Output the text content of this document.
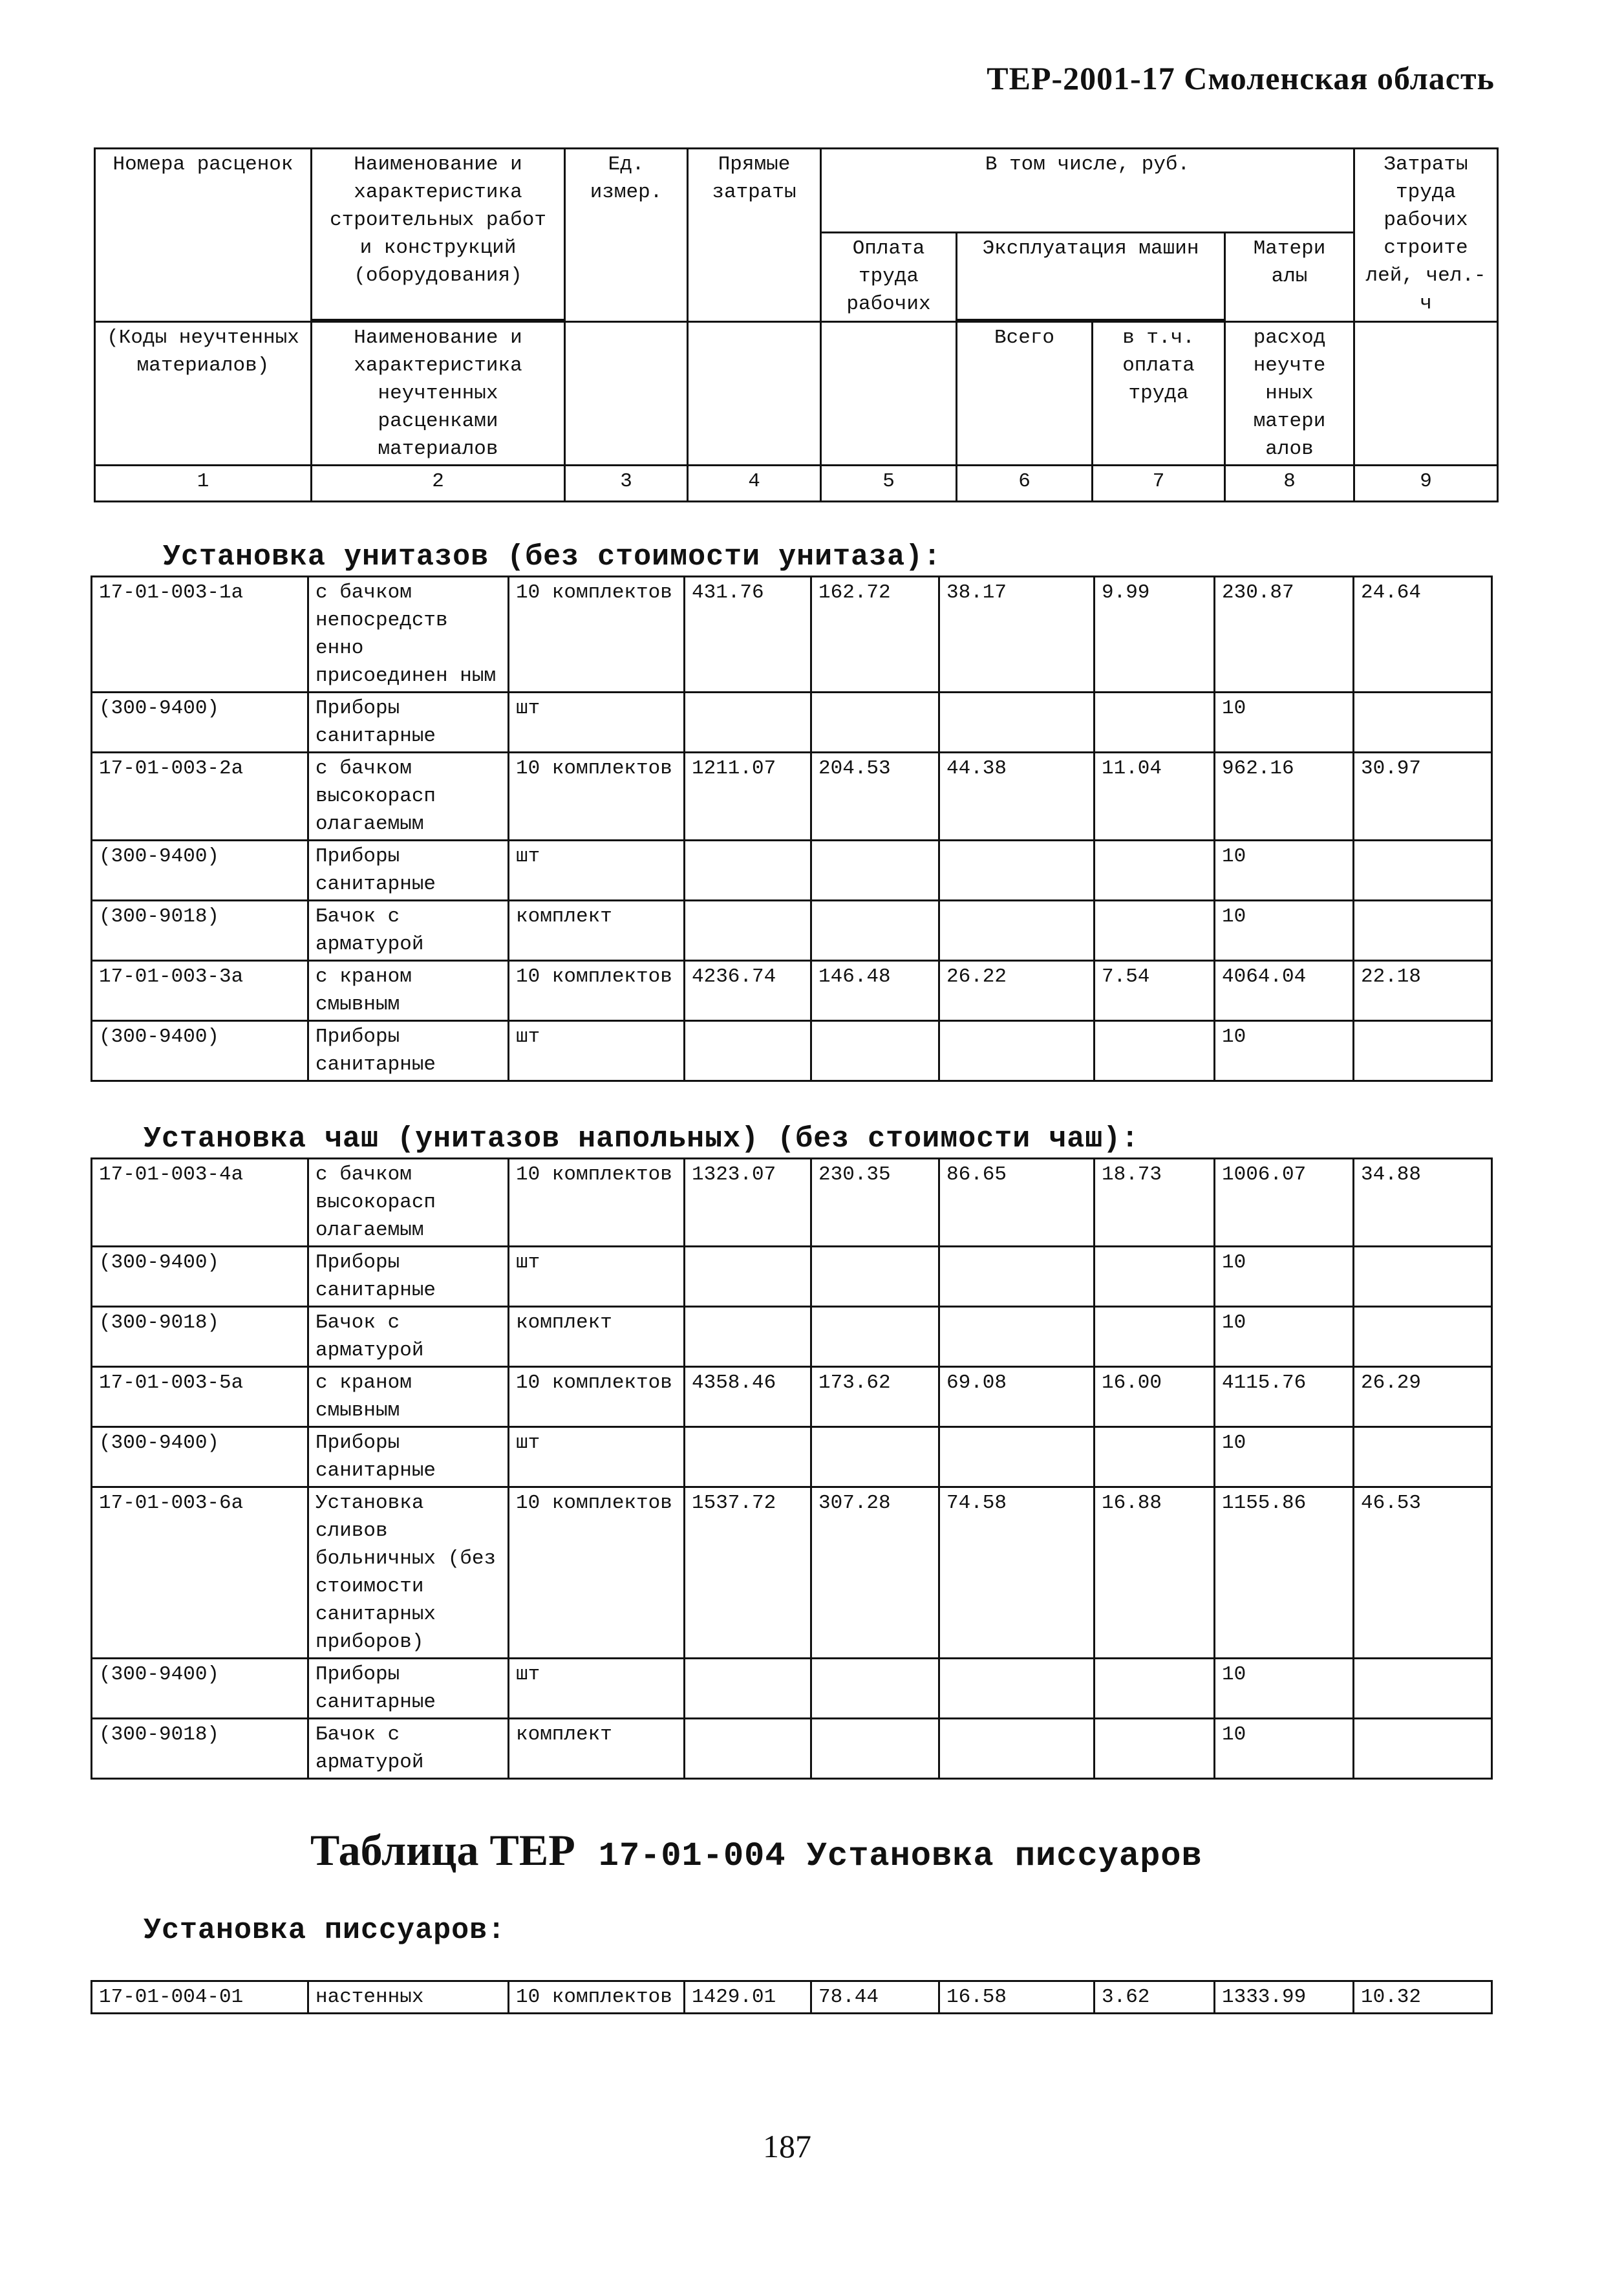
ТЕР-2001-17 Смоленская область
Номера расценок	Наименование и характеристика строительных работ и конструкций (оборудования)	Ед. измер.	Прямые затраты	В том числе, руб.				Затраты труда рабочих строите лей, чел.-ч
				Оплата труда рабочих	Эксплуатация машин		Матери алы	

(Коды неучтенных материалов)	Наименование и характеристика неучтенных расценками материалов				Всего	в т.ч. оплата труда	расход неучте нных матери алов	
1	2	3	4	5	6	7	8	9
Установка унитазов (без стоимости унитаза):
17-01-003-1а	с бачком непосредств енно присоединен ным	10 комплектов	431.76	162.72	38.17	9.99	230.87	24.64
(300-9400)	Приборы санитарные	шт					10	
17-01-003-2а	с бачком высокорасп олагаемым	10 комплектов	1211.07	204.53	44.38	11.04	962.16	30.97
(300-9400)	Приборы санитарные	шт					10	
(300-9018)	Бачок с арматурой	комплект					10	
17-01-003-3а	с краном смывным	10 комплектов	4236.74	146.48	26.22	7.54	4064.04	22.18
(300-9400)	Приборы санитарные	шт					10	
Установка чаш (унитазов напольных) (без стоимости чаш):
17-01-003-4а	с бачком высокорасп олагаемым	10 комплектов	1323.07	230.35	86.65	18.73	1006.07	34.88
(300-9400)	Приборы санитарные	шт					10	
(300-9018)	Бачок с арматурой	комплект					10	
17-01-003-5а	с краном смывным	10 комплектов	4358.46	173.62	69.08	16.00	4115.76	26.29
(300-9400)	Приборы санитарные	шт					10	
17-01-003-6а	Установка сливов больничных (без стоимости санитарных приборов)	10 комплектов	1537.72	307.28	74.58	16.88	1155.86	46.53
(300-9400)	Приборы санитарные	шт					10	
(300-9018)	Бачок с арматурой	комплект					10	
Таблица ТЕР 17-01-004 Установка писсуаров
Установка писсуаров:
17-01-004-01	настенных	10 комплектов	1429.01	78.44	16.58	3.62	1333.99	10.32
187
